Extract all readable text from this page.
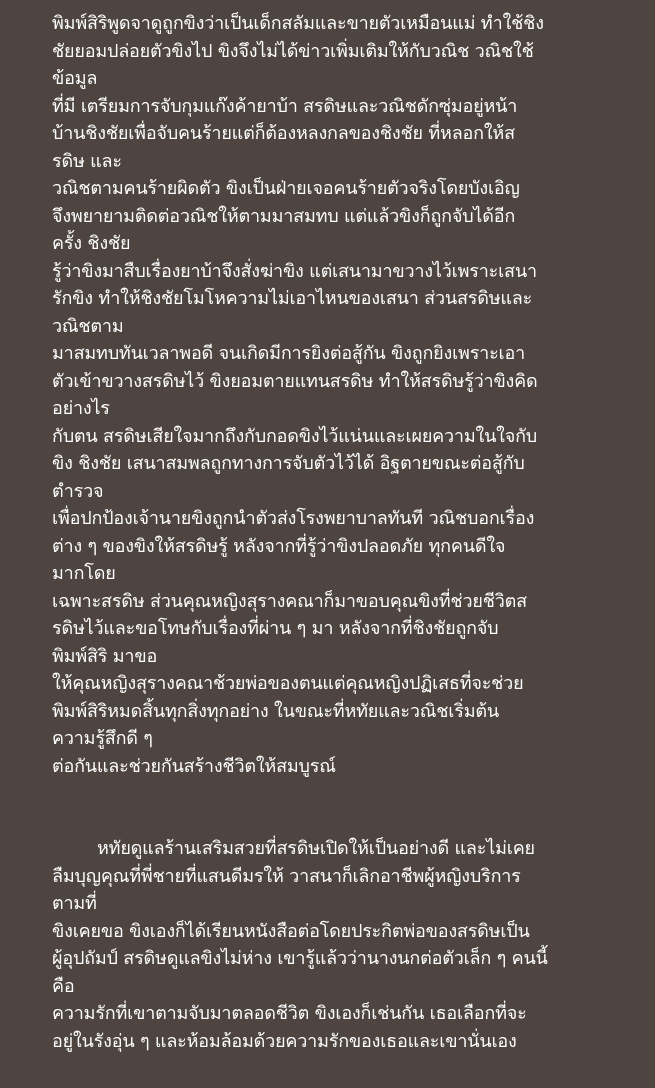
พิมพ์สิริพูดจาดูถูกขิงว่าเป็นเด็กสลัมและขายตัวเหมือนแม่ ทำใช้ชิง
ชัยยอมปล่อยตัวขิงไป ขิงจึงไม่ได้ข่าวเพิ่มเติมให้กับวณิช วณิชใช้
ข้อมูล
ที่มี เตรียมการจับกุมแก๊งค้ายาบ้า สรดิษและวณิชดักซุ่มอยู่หน้า
บ้านชิงชัยเพื่อจับคนร้ายแต่ก็ต้องหลงกลของชิงชัย ที่หลอกให้ส
รดิษ และ
วณิชตามคนร้ายผิดตัว ขิงเป็นฝ่ายเจอคนร้ายตัวจริงโดยบังเอิญ
จึงพยายามติดต่อวณิชให้ตามมาสมทบ แต่แล้วขิงก็ถูกจับได้อีก
ครั้ง ชิงชัย
รู้ว่าขิงมาสืบเรื่องยาบ้าจึงสั่งฆ่าขิง แต่เสนามาขวางไว้เพราะเสนา
รักขิง ทำให้ชิงชัยโมโหความไม่เอาไหนของเสนา ส่วนสรดิษและ
วณิชตาม
มาสมทบทันเวลาพอดี จนเกิดมีการยิงต่อสู้กัน ขิงถูกยิงเพราะเอา
ตัวเข้าขวางสรดิษไว้ ขิงยอมตายแทนสรดิษ ทำให้สรดิษรู้ว่าขิงคิด
อย่างไร
กับตน สรดิษเสียใจมากถึงกับกอดขิงไว้แน่นและเผยความในใจกับ
ขิง ชิงชัย เสนาสมพลถูกทางการจับตัวไว้ได้ อิฐตายขณะต่อสู้กับ
ตำรวจ
เพื่อปกป้องเจ้านายขิงถูกนำตัวส่งโรงพยาบาลทันที วณิชบอกเรื่อง
ต่าง ๆ ของขิงให้สรดิษรู้ หลังจากที่รู้ว่าขิงปลอดภัย ทุกคนดีใจ
มากโดย
เฉพาะสรดิษ ส่วนคุณหญิงสุรางคณาก็มาขอบคุณขิงที่ช่วยชีวิตส
รดิษไว้และขอโทษกับเรื่องที่ผ่าน ๆ มา หลังจากที่ชิงชัยถูกจับ
พิมพ์สิริ มาขอ
ให้คุณหญิงสุรางคณาช้วยพ่อของตนแต่คุณหญิงปฏิเสธที่จะช่วย
พิมพ์สิริหมดสิ้นทุกสิ่งทุกอย่าง ในขณะที่หทัยและวณิชเริ่มต้น
ความรู้สึกดี ๆ
ต่อกันและช่วยกันสร้างชีวิตให้สมบูรณ์
หทัยดูแลร้านเสริมสวยที่สรดิษเปิดให้เป็นอย่างดี และไม่เคย
ลืมบุญคุณที่พี่ชายที่แสนดีมรให้ วาสนาก็เลิกอาชีพผู้หญิงบริการ
ตามที่
ขิงเคยขอ ขิงเองก็ได้เรียนหนังสือต่อโดยประกิตพ่อของสรดิษเป็น
ผู้อุปถัมป์ สรดิษดูแลขิงไม่ห่าง เขารู้แล้วว่านางนกต่อตัวเล็ก ๆ คนนี้
คือ
ความรักที่เขาตามจับมาตลอดชีวิต ขิงเองก็เช่นกัน เธอเลือกที่จะ
อยู่ในรังอุ่น ๆ และห้อมล้อมด้วยความรักของเธอและเขานั่นเอง
